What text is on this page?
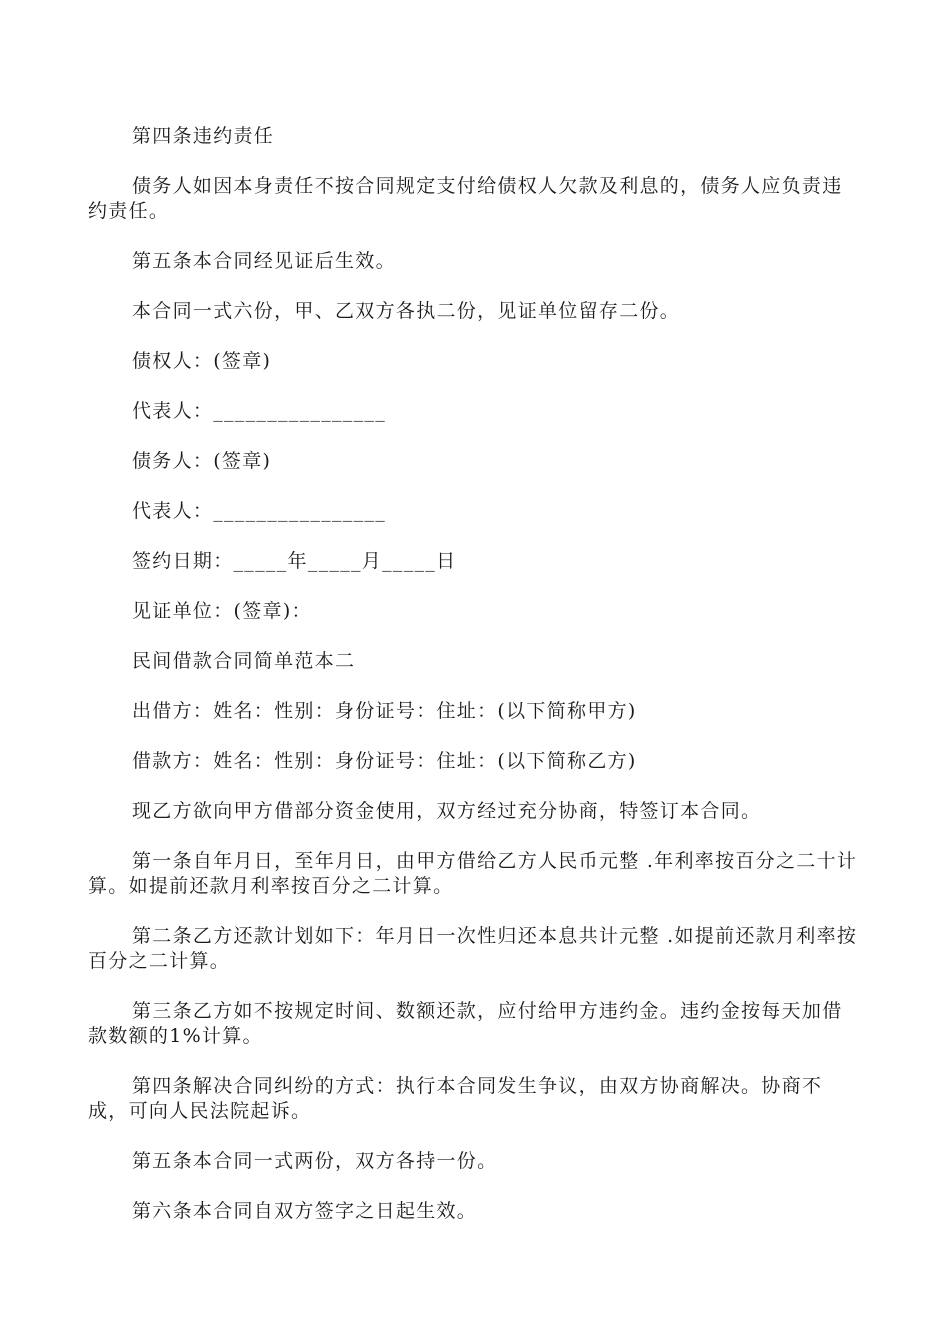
第四条违约责任
债务人如因本身责任不按合同规定支付给债权人欠款及利息的，债务人应负责违约责任。
第五条本合同经见证后生效。
本合同一式六份，甲、乙双方各执二份，见证单位留存二份。
债权人：(签章)
代表人：________________
债务人：(签章)
代表人：________________
签约日期：_____年_____月_____日
见证单位：(签章)：
民间借款合同简单范本二
出借方：姓名：性别：身份证号：住址：(以下简称甲方)
借款方：姓名：性别：身份证号：住址：(以下简称乙方)
现乙方欲向甲方借部分资金使用，双方经过充分协商，特签订本合同。
第一条自年月日，至年月日，由甲方借给乙方人民币元整 .年利率按百分之二十计算。如提前还款月利率按百分之二计算。
第二条乙方还款计划如下：年月日一次性归还本息共计元整 .如提前还款月利率按百分之二计算。
第三条乙方如不按规定时间、数额还款，应付给甲方违约金。违约金按每天加借款数额的1%计算。
第四条解决合同纠纷的方式：执行本合同发生争议，由双方协商解决。协商不成，可向人民法院起诉。
第五条本合同一式两份，双方各持一份。
第六条本合同自双方签字之日起生效。
